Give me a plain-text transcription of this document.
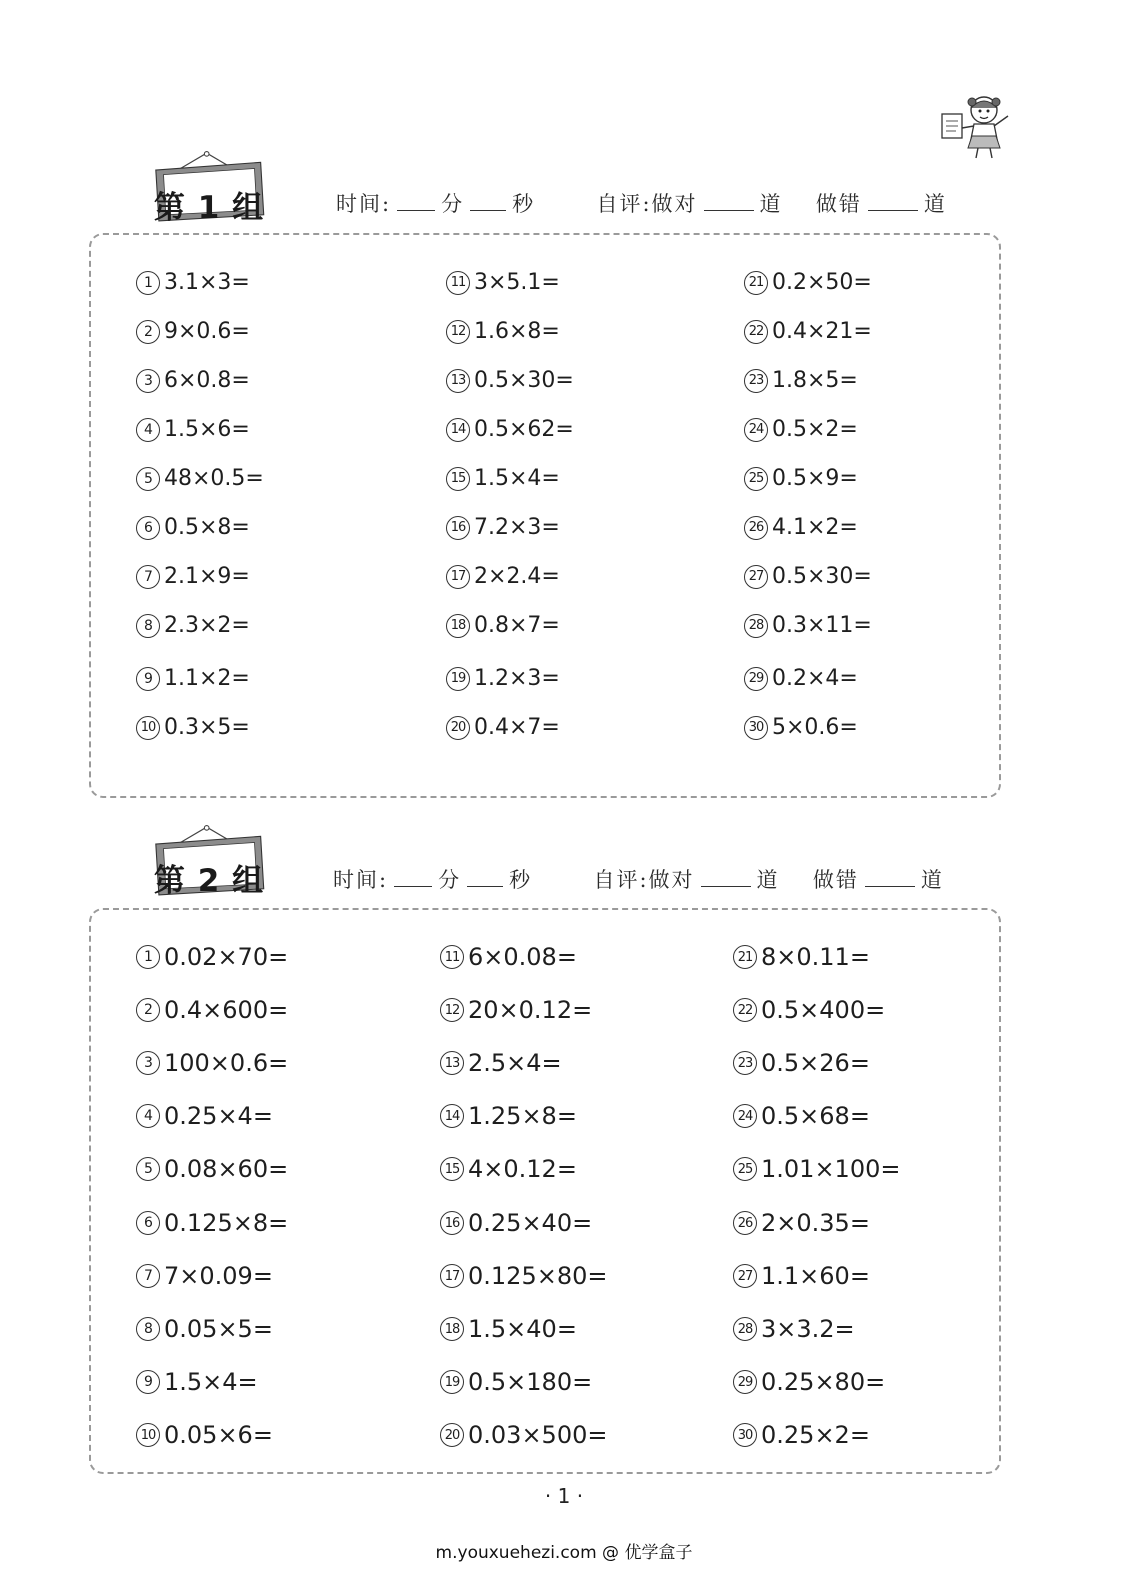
第 1 组	时间: 分 秒	自评:做对	道 做错	道
1 3.1×3=
2 9×0.6=
3 6×0.8=
4 1.5×6=
5 48×0.5=
6 0.5×8=
7 2.1×9=
8 2.3×2=
9 1.1×2=
10 0.3×5=
11 3×5.1=
12 1.6×8=
13 0.5×30=
14 0.5×62=
15 1.5×4=
16 7.2×3=
17 2×2.4=
18 0.8×7=
19 1.2×3=
20 0.4×7=
21 0.2×50=
22 0.4×21=
23 1.8×5=
24 0.5×2=
25 0.5×9=
26 4.1×2=
27 0.5×30=
28 0.3×11=
29 0.2×4=
30 5×0.6=
第 2 组	时间: 分 秒	自评:做对	道 做错	道
1 0.02×70=
2 0.4×600=
3 100×0.6=
4 0.25×4=
5 0.08×60=
6 0.125×8=
7 7×0.09=
8 0.05×5=
9 1.5×4=
10 0.05×6=
11 6×0.08=
12 20×0.12=
13 2.5×4=
14 1.25×8=
15 4×0.12=
16 0.25×40=
17 0.125×80=
18 1.5×40=
19 0.5×180=
20 0.03×500=
21 8×0.11=
22 0.5×400=
23 0.5×26=
24 0.5×68=
25 1.01×100=
26 2×0.35=
27 1.1×60=
28 3×3.2=
29 0.25×80=
30 0.25×2=
· 1 ·
m.youxuehezi.com @ 优学盒子
